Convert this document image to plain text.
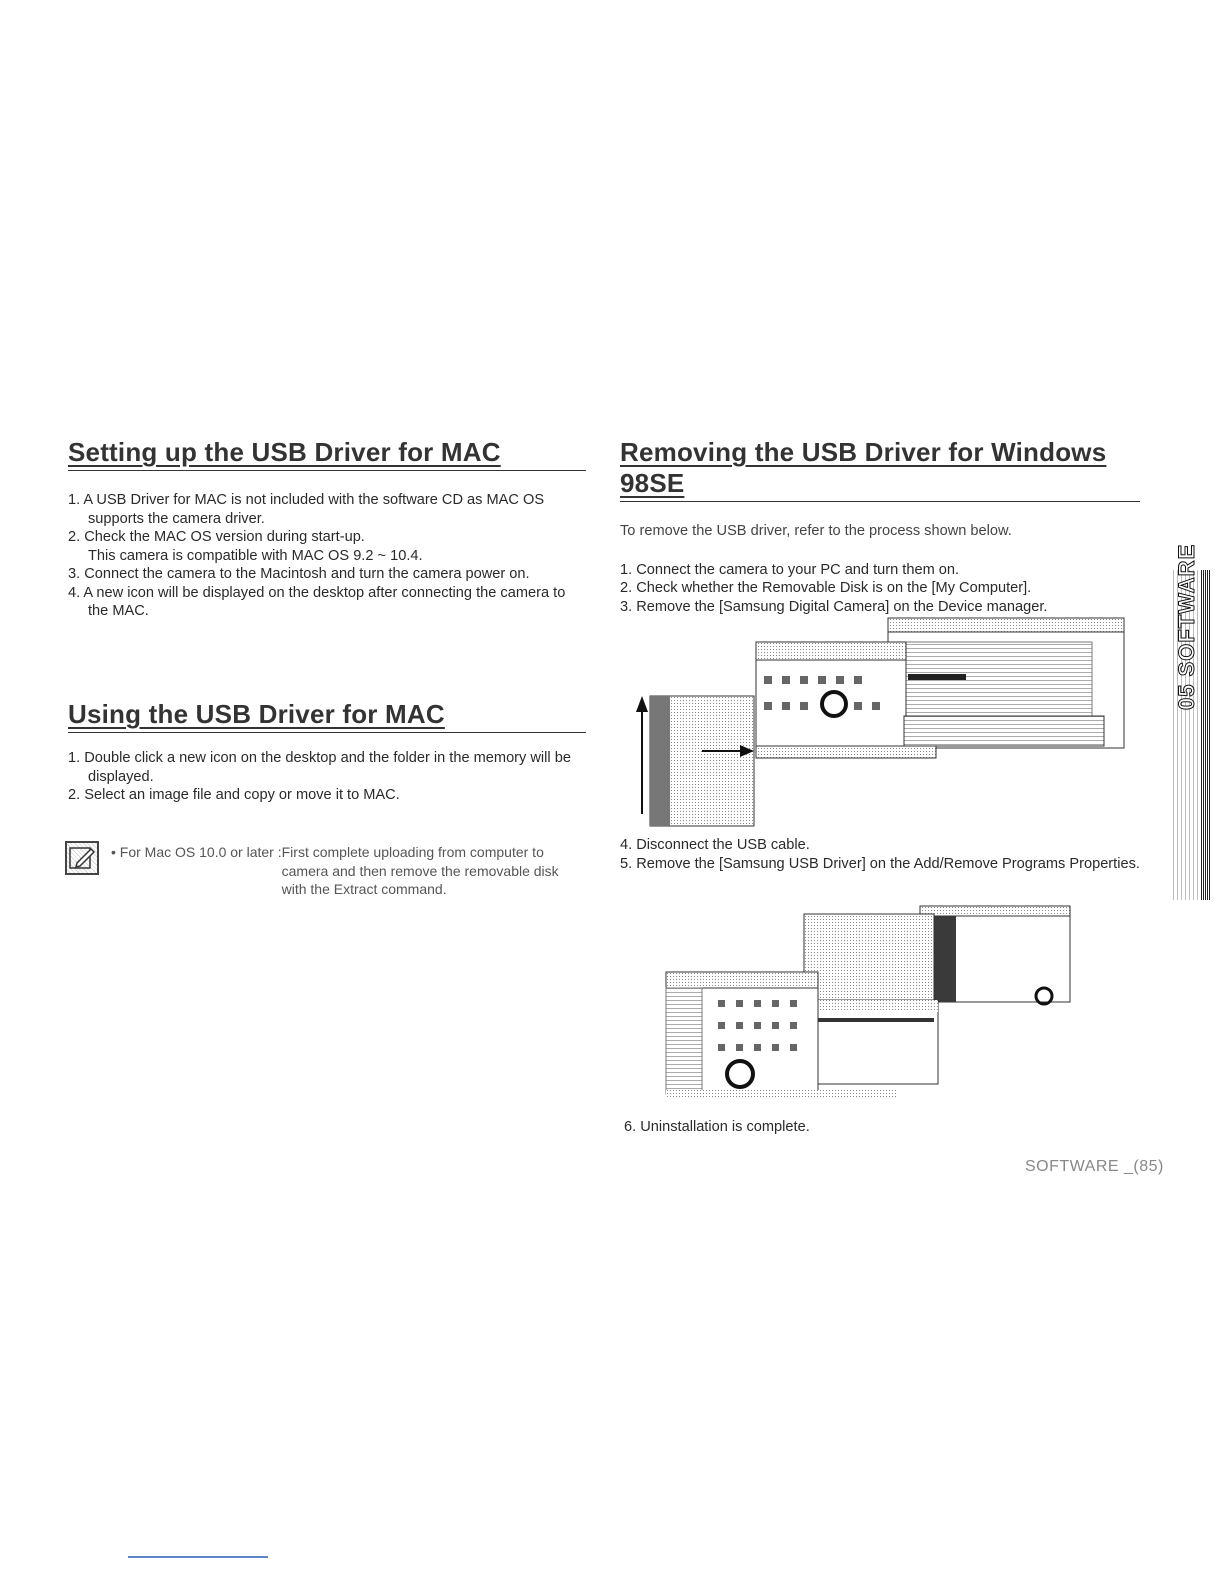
Setting up the USB Driver for MAC
1. A USB Driver for MAC is not included with the software CD as MAC OS supports the camera driver.
2. Check the MAC OS version during start-up.
This camera is compatible with MAC OS 9.2 ~ 10.4.
3. Connect the camera to the Macintosh and turn the camera power on.
4. A new icon will be displayed on the desktop after connecting the camera to the MAC.
Using the USB Driver for MAC
1. Double click a new icon on the desktop and the folder in the memory will be displayed.
2. Select an image file and copy or move it to MAC.
• For Mac OS 10.0 or later : First complete uploading from computer to camera and then remove the removable disk with the Extract command.
Removing the USB Driver for Windows 98SE

To remove the USB driver, refer to the process shown below.

1. Connect the camera to your PC and turn them on.
2. Check whether the Removable Disk is on the [My Computer].
3. Remove the [Samsung Digital Camera] on the Device manager.
4. Disconnect the USB cable.
5. Remove the [Samsung USB Driver] on the Add/Remove Programs Properties.

6. Uninstallation is complete.

05 SOFTWARE
SOFTWARE _(85)
